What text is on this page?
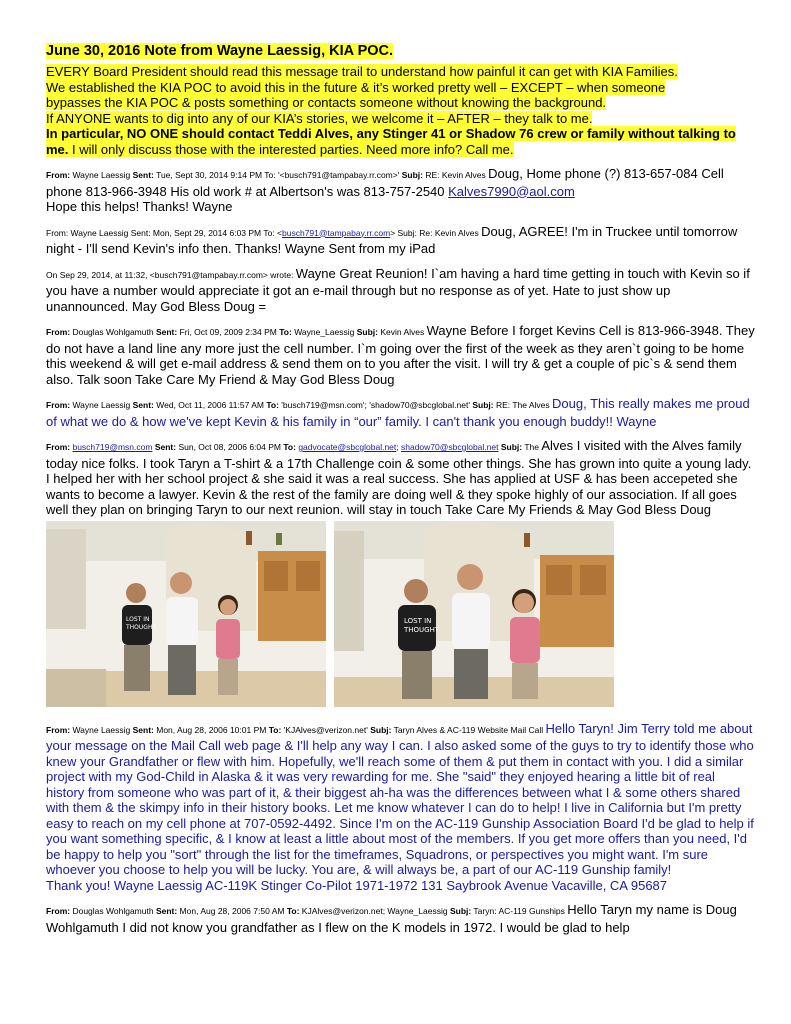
June 30, 2016 Note from Wayne Laessig, KIA POC.
EVERY Board President should read this message trail to understand how painful it can get with KIA Families.
We established the KIA POC to avoid this in the future & it’s worked pretty well – EXCEPT – when someone
bypasses the KIA POC & posts something or contacts someone without knowing the background.
If ANYONE wants to dig into any of our KIA’s stories, we welcome it – AFTER – they talk to me.
In particular, NO ONE should contact Teddi Alves, any Stinger 41 or Shadow 76 crew or family without talking to me. I will only discuss those with the interested parties. Need more info? Call me.
From: Wayne Laessig Sent: Tue, Sept 30, 2014 9:14 PM To: '<busch791@tampabay.rr.com>' Subj: RE: Kevin Alves Doug, Home phone (?) 813-657-084 Cell phone 813-966-3948 His old work # at Albertson's was 813-757-2540 Kalves7990@aol.com
Hope this helps! Thanks! Wayne
From: Wayne Laessig Sent: Mon, Sept 29, 2014 6:03 PM To: <busch791@tampabay.rr.com> Subj: Re: Kevin Alves Doug, AGREE! I'm in Truckee until tomorrow night - I'll send Kevin's info then. Thanks! Wayne Sent from my iPad
On Sep 29, 2014, at 11:32, <busch791@tampabay.rr.com> wrote: Wayne Great Reunion! I`am having a hard time getting in touch with Kevin so if you have a number would appreciate it got an e-mail through but no response as of yet. Hate to just show up unannounced. May God Bless Doug =
From: Douglas Wohlgamuth Sent: Fri, Oct 09, 2009 2:34 PM To: Wayne_Laessig Subj: Kevin Alves Wayne Before I forget Kevins Cell is 813-966-3948. They do not have a land line any more just the cell number. I`m going over the first of the week as they aren`t going to be home this weekend & will get e-mail address & send them on to you after the visit. I will try & get a couple of pic`s & send them also. Talk soon Take Care My Friend & May God Bless Doug
From: Wayne Laessig Sent: Wed, Oct 11, 2006 11:57 AM To: 'busch719@msn.com'; 'shadow70@sbcglobal.net' Subj: RE: The Alves Doug, This really makes me proud of what we do & how we've kept Kevin & his family in “our” family. I can't thank you enough buddy!! Wayne
From: busch719@msn.com Sent: Sun, Oct 08, 2006 6:04 PM To: gadvocate@sbcglobal.net; shadow70@sbcglobal.net Subj: The Alves I visited with the Alves family today nice folks. I took Taryn a T-shirt & a 17th Challenge coin & some other things. She has grown into quite a young lady. I helped her with her school project & she said it was a real success. She has applied at USF & has been accepeted she wants to become a lawyer. Kevin & the rest of the family are doing well & they spoke highly of our association. If all goes well they plan on bringing Taryn to our next reunion. will stay in touch Take Care My Friends & May God Bless Doug
LOST IN
THOUGHT
LOST IN
THOUGHT
From: Wayne Laessig Sent: Mon, Aug 28, 2006 10:01 PM To: 'KJAlves@verizon.net' Subj: Taryn Alves & AC-119 Website Mail Call Hello Taryn! Jim Terry told me about your message on the Mail Call web page & I'll help any way I can. I also asked some of the guys to try to identify those who knew your Grandfather or flew with him. Hopefully, we'll reach some of them & put them in contact with you. I did a similar project with my God-Child in Alaska & it was very rewarding for me. She "said" they enjoyed hearing a little bit of real history from someone who was part of it, & their biggest ah-ha was the differences between what I & some others shared with them & the skimpy info in their history books. Let me know whatever I can do to help! I live in California but I'm pretty easy to reach on my cell phone at 707-0592-4492. Since I'm on the AC-119 Gunship Association Board I'd be glad to help if you want something specific, & I know at least a little about most of the members. If you get more offers than you need, I'd be happy to help you "sort" through the list for the timeframes, Squadrons, or perspectives you might want. I'm sure whoever you choose to help you will be lucky. You are, & will always be, a part of our AC-119 Gunship family!
Thank you! Wayne Laessig AC-119K Stinger Co-Pilot 1971-1972 131 Saybrook Avenue Vacaville, CA 95687
From: Douglas Wohlgamuth Sent: Mon, Aug 28, 2006 7:50 AM To: KJAlves@verizon.net; Wayne_Laessig Subj: Taryn: AC-119 Gunships Hello Taryn my name is Doug Wohlgamuth I did not know you grandfather as I flew on the K models in 1972. I would be glad to help
